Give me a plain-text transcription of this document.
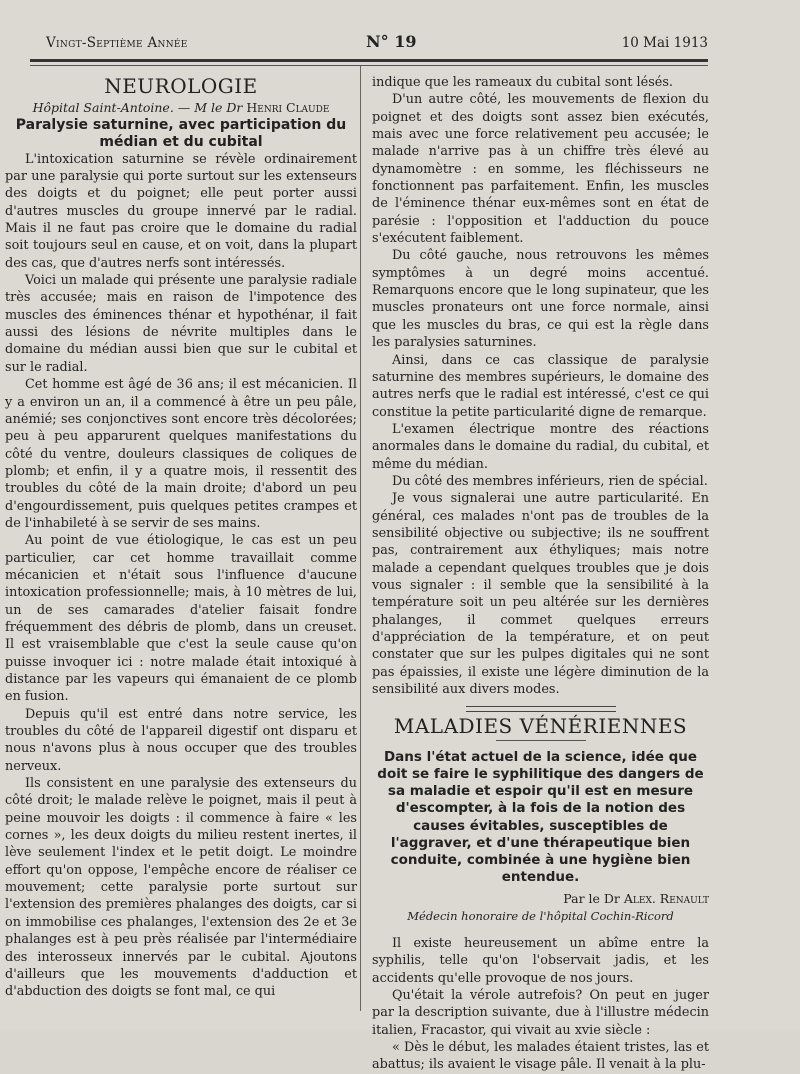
Vingt-Septième Année	N° 19	10 Mai 1913
NEUROLOGIE
Hôpital Saint-Antoine. — M le Dr Henri Claude
Paralysie saturnine, avec participation du médian et du cubital

L'intoxication saturnine se révèle ordinairement par une paralysie qui porte surtout sur les extenseurs des doigts et du poignet; elle peut porter aussi d'autres muscles du groupe innervé par le radial. Mais il ne faut pas croire que le domaine du radial soit toujours seul en cause, et on voit, dans la plupart des cas, que d'autres nerfs sont intéressés.

Voici un malade qui présente une paralysie radiale très accusée; mais en raison de l'impotence des muscles des éminences thénar et hypothénar, il fait aussi des lésions de névrite multiples dans le domaine du médian aussi bien que sur le cubital et sur le radial.

Cet homme est âgé de 36 ans; il est mécanicien. Il y a environ un an, il a commencé à être un peu pâle, anémié; ses conjonctives sont encore très décolorées; peu à peu apparurent quelques manifestations du côté du ventre, douleurs classiques de coliques de plomb; et enfin, il y a quatre mois, il ressentit des troubles du côté de la main droite; d'abord un peu d'engourdissement, puis quelques petites crampes et de l'inhabileté à se servir de ses mains.

Au point de vue étiologique, le cas est un peu particulier, car cet homme travaillait comme mécanicien et n'était sous l'influence d'aucune intoxication professionnelle; mais, à 10 mètres de lui, un de ses camarades d'atelier faisait fondre fréquemment des débris de plomb, dans un creuset. Il est vraisemblable que c'est la seule cause qu'on puisse invoquer ici : notre malade était intoxiqué à distance par les vapeurs qui émanaient de ce plomb en fusion.

Depuis qu'il est entré dans notre service, les troubles du côté de l'appareil digestif ont disparu et nous n'avons plus à nous occuper que des troubles nerveux.

Ils consistent en une paralysie des extenseurs du côté droit; le malade relève le poignet, mais il peut à peine mouvoir les doigts : il commence à faire « les cornes », les deux doigts du milieu restent inertes, il lève seulement l'index et le petit doigt. Le moindre effort qu'on oppose, l'empêche encore de réaliser ce mouvement; cette paralysie porte surtout sur l'extension des premières phalanges des doigts, car si on immobilise ces phalanges, l'extension des 2e et 3e phalanges est à peu près réalisée par l'intermédiaire des interosseux innervés par le cubital. Ajoutons d'ailleurs que les mouvements d'adduction et d'abduction des doigts se font mal, ce qui

indique que les rameaux du cubital sont lésés.

D'un autre côté, les mouvements de flexion du poignet et des doigts sont assez bien exécutés, mais avec une force relativement peu accusée; le malade n'arrive pas à un chiffre très élevé au dynamomètre : en somme, les fléchisseurs ne fonctionnent pas parfaitement. Enfin, les muscles de l'éminence thénar eux-mêmes sont en état de parésie : l'opposition et l'adduction du pouce s'exécutent faiblement.

Du côté gauche, nous retrouvons les mêmes symptômes à un degré moins accentué. Remarquons encore que le long supinateur, que les muscles pronateurs ont une force normale, ainsi que les muscles du bras, ce qui est la règle dans les paralysies saturnines.

Ainsi, dans ce cas classique de paralysie saturnine des membres supérieurs, le domaine des autres nerfs que le radial est intéressé, c'est ce qui constitue la petite particularité digne de remarque.

L'examen électrique montre des réactions anormales dans le domaine du radial, du cubital, et même du médian.

Du côté des membres inférieurs, rien de spécial.

Je vous signalerai une autre particularité. En général, ces malades n'ont pas de troubles de la sensibilité objective ou subjective; ils ne souffrent pas, contrairement aux éthyliques; mais notre malade a cependant quelques troubles que je dois vous signaler : il semble que la sensibilité à la température soit un peu altérée sur les dernières phalanges, il commet quelques erreurs d'appréciation de la température, et on peut constater que sur les pulpes digitales qui ne sont pas épaissies, il existe une légère diminution de la sensibilité aux divers modes.

MALADIES VÉNÉRIENNES
Dans l'état actuel de la science, idée que doit se faire le syphilitique des dangers de sa maladie et espoir qu'il est en mesure d'escompter, à la fois de la notion des causes évitables, susceptibles de l'aggraver, et d'une thérapeutique bien conduite, combinée à une hygiène bien entendue.
Par le Dr Alex. Renault
Médecin honoraire de l'hôpital Cochin-Ricord

Il existe heureusement un abîme entre la syphilis, telle qu'on l'observait jadis, et les accidents qu'elle provoque de nos jours.

Qu'était la vérole autrefois? On peut en juger par la description suivante, due à l'illustre médecin italien, Fracastor, qui vivait au xvie siècle :

« Dès le début, les malades étaient tristes, las et abattus; ils avaient le visage pâle. Il venait à la plu-
